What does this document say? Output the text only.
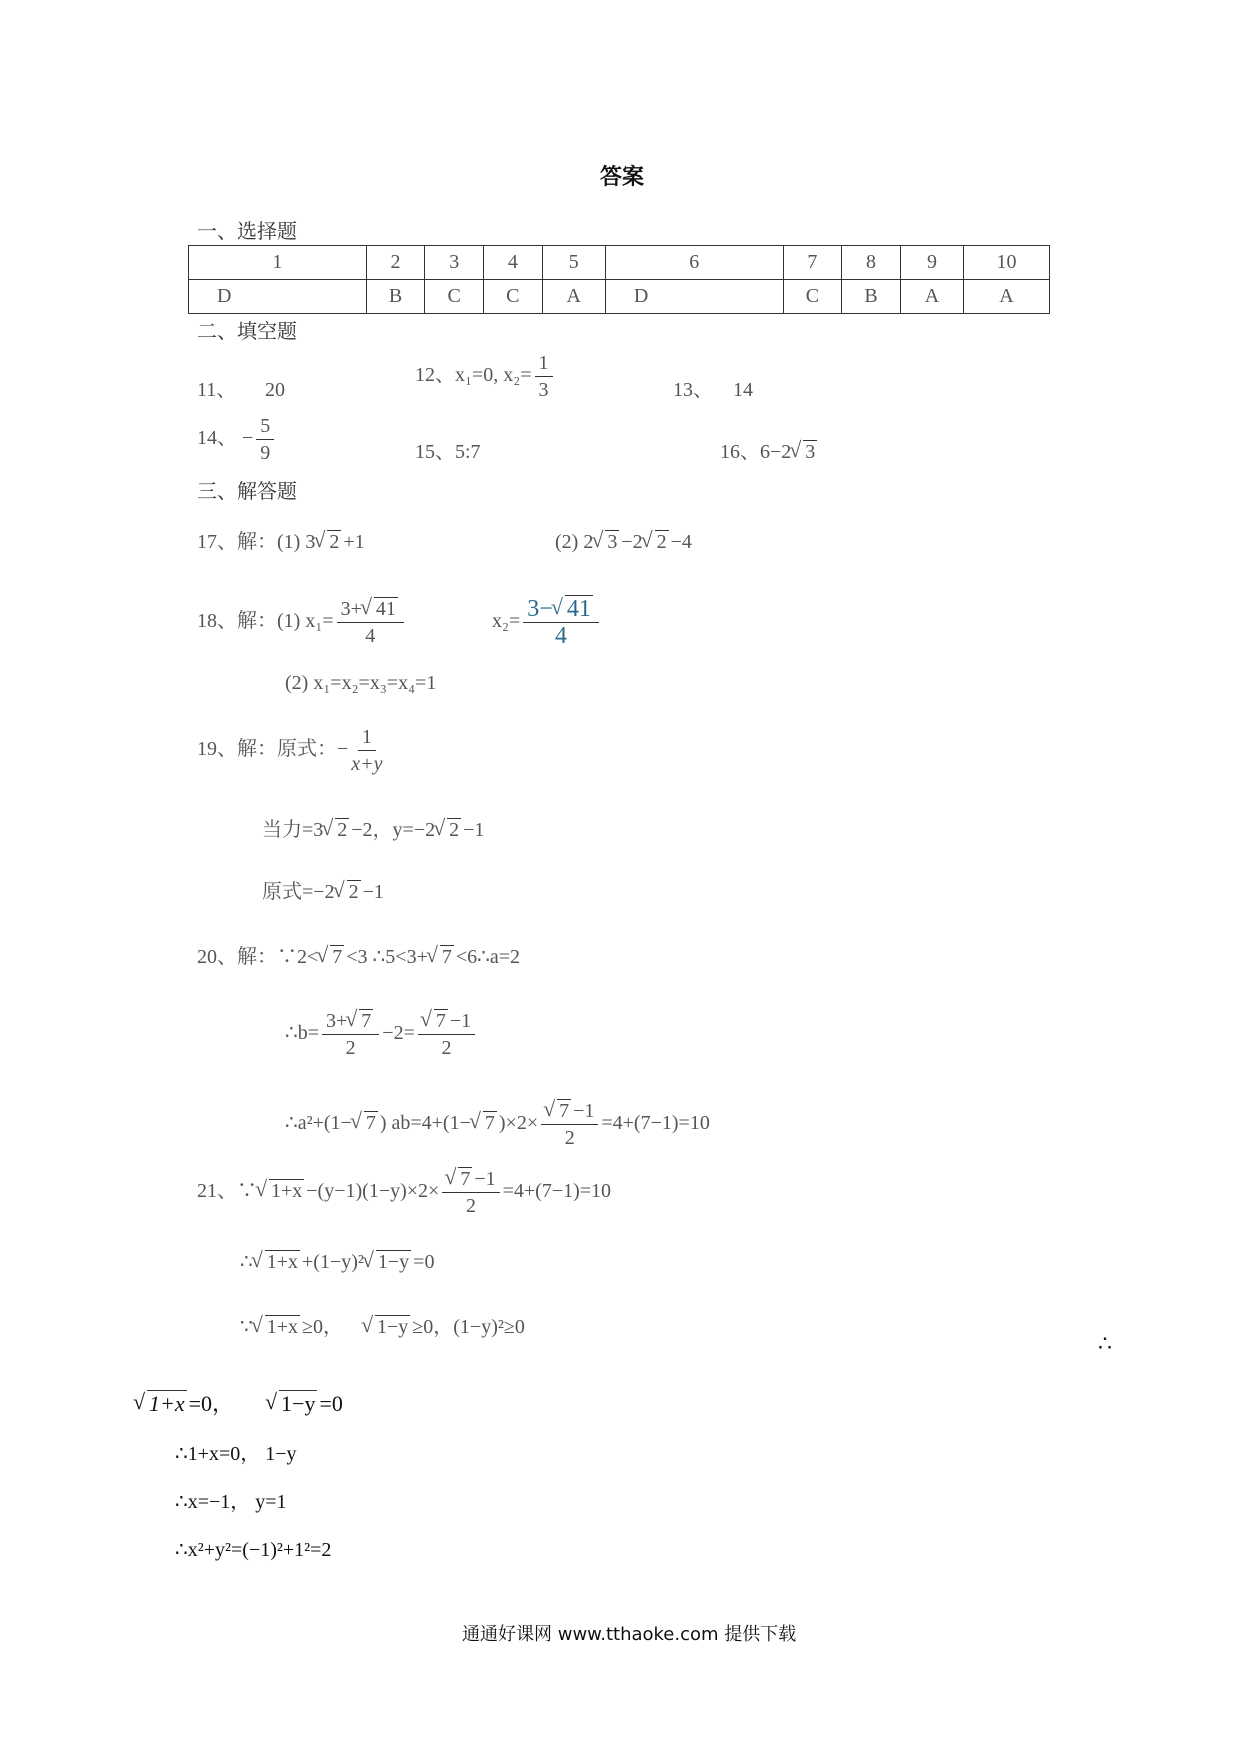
答案
一、选择题
1	2	3	4	5	6	7	8	9	10
D	B	C	C	A	D	C	B	A	A
二、填空题
11、 20
12、x₁=0, $x_2= \frac{1}{3}$	13、 14
14、 − $\frac{5}{9}$	15、5:7	16、6−2 √ 3
三、解答题
17、解：(1) 3 √ 2 +1	(2) 2 √ 3 −2 √ 2 −4
18、解：(1) $x_1= \frac{3+ √ 41}{4}$	$x_2= \frac{3- √ 41}{4}$
(2) x₁=x₂=x₃=x₄=1
19、解：原式：− $\frac{1}{x+y}$
当力=3 √ 2 −2，y=−2 √ 2 −1
原式=−2 √ 2 −1
20、解：∵2< √ 7 <3 ∴5<3+ √ 7 <6∴a=2
∴b= $\frac{3+ √ 7}{2} -2=$ √ $\frac{7 -1}{2}$
∴a²+(1− √ 7 ) ab=4+(1− √ 7 )×2× √ $\frac{7 -1}{2} =4+(7-1)=10$
21、∵ √ 1+x −(y−1)(1−y)×2× √ $\frac{7 -1}{2} =4+(7-1)=10$
∴ √ 1+x +(1−y)² √ 1−y =0
∵ √ 1+x ≥0， √ 1−y ≥0，(1−y)²≥0
∴
√ 1+x =0， √ 1−y =0
∴1+x=0， 1−y
∴x=−1， y=1
∴x²+y²=(−1)²+1²=2
通通好课网 www.tthaoke.com 提供下载
